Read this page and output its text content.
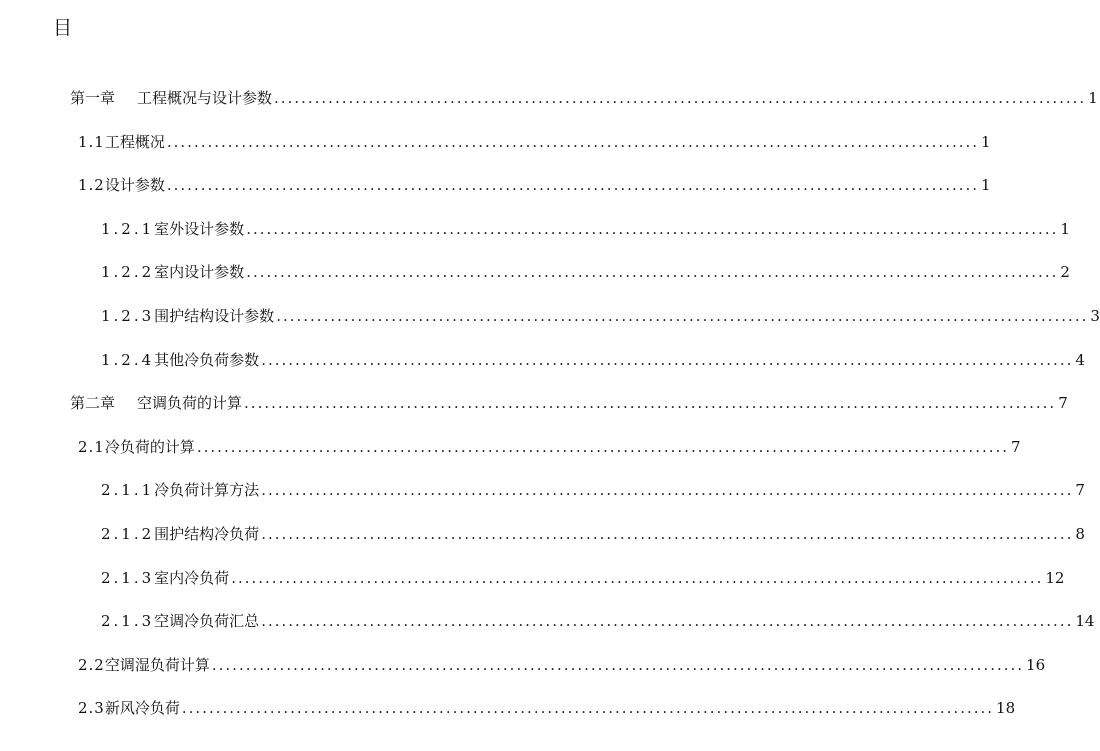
目
第一章 工程概况与设计参数 ........................................................................................................................ 1
1.1 工程概况 ........................................................................................................................ 1
1.2 设计参数 ........................................................................................................................ 1
1.2.1 室外设计参数 ........................................................................................................................ 1
1.2.2 室内设计参数 ........................................................................................................................ 2
1.2.3 围护结构设计参数 ........................................................................................................................ 3
1.2.4 其他冷负荷参数 ........................................................................................................................ 4
第二章 空调负荷的计算 ........................................................................................................................ 7
2.1 冷负荷的计算 ........................................................................................................................ 7
2.1.1 冷负荷计算方法 ........................................................................................................................ 7
2.1.2 围护结构冷负荷 ........................................................................................................................ 8
2.1.3 室内冷负荷 ........................................................................................................................ 12
2.1.3 空调冷负荷汇总 ........................................................................................................................ 14
2.2 空调湿负荷计算 ........................................................................................................................ 16
2.3 新风冷负荷 ........................................................................................................................ 18
